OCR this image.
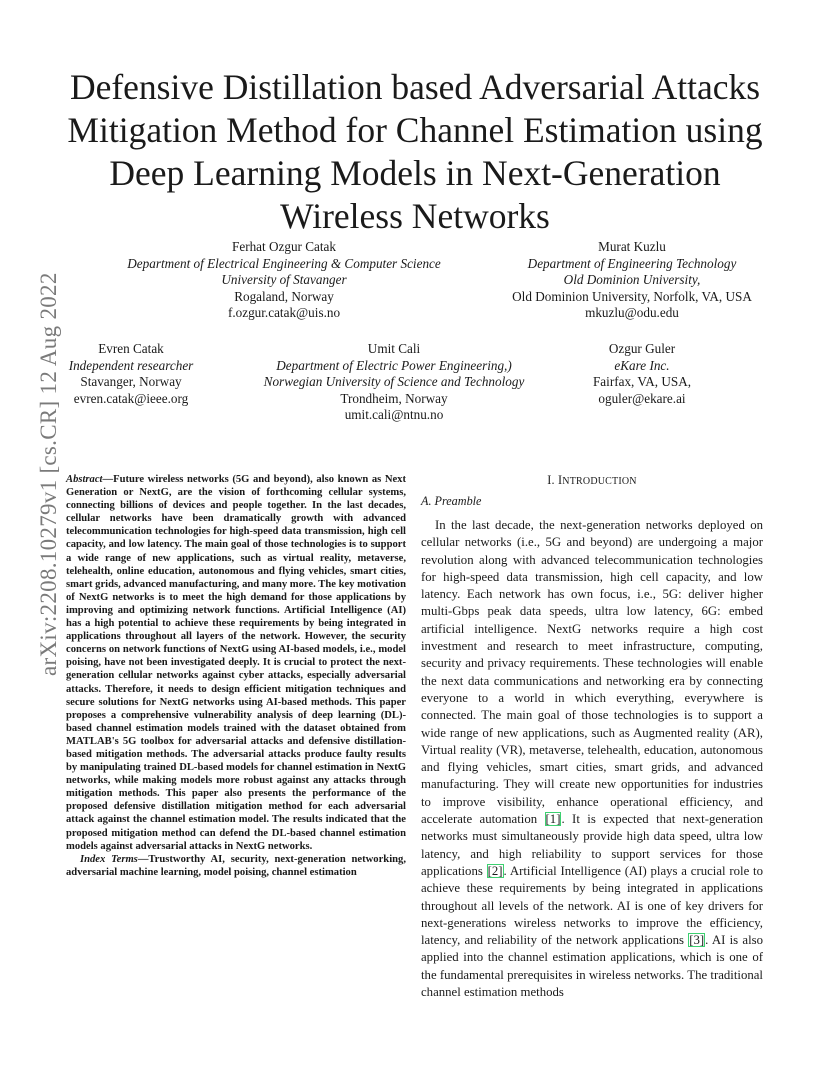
arXiv:2208.10279v1 [cs.CR] 12 Aug 2022
Defensive Distillation based Adversarial Attacks Mitigation Method for Channel Estimation using Deep Learning Models in Next-Generation Wireless Networks
Ferhat Ozgur Catak
Department of Electrical Engineering & Computer Science
University of Stavanger
Rogaland, Norway
f.ozgur.catak@uis.no
Murat Kuzlu
Department of Engineering Technology
Old Dominion University,
Old Dominion University, Norfolk, VA, USA
mkuzlu@odu.edu
Evren Catak
Independent researcher
Stavanger, Norway
evren.catak@ieee.org
Umit Cali
Department of Electric Power Engineering,)
Norwegian University of Science and Technology
Trondheim, Norway
umit.cali@ntnu.no
Ozgur Guler
eKare Inc.
Fairfax, VA, USA,
oguler@ekare.ai

Abstract—Future wireless networks (5G and beyond), also known as Next Generation or NextG, are the vision of forthcoming cellular systems, connecting billions of devices and people together. In the last decades, cellular networks have been dramatically growth with advanced telecommunication technologies for high-speed data transmission, high cell capacity, and low latency. The main goal of those technologies is to support a wide range of new applications, such as virtual reality, metaverse, telehealth, online education, autonomous and flying vehicles, smart cities, smart grids, advanced manufacturing, and many more. The key motivation of NextG networks is to meet the high demand for those applications by improving and optimizing network functions. Artificial Intelligence (AI) has a high potential to achieve these requirements by being integrated in applications throughout all layers of the network. However, the security concerns on network functions of NextG using AI-based models, i.e., model poising, have not been investigated deeply. It is crucial to protect the next-generation cellular networks against cyber attacks, especially adversarial attacks. Therefore, it needs to design efficient mitigation techniques and secure solutions for NextG networks using AI-based methods. This paper proposes a comprehensive vulnerability analysis of deep learning (DL)-based channel estimation models trained with the dataset obtained from MATLAB's 5G toolbox for adversarial attacks and defensive distillation-based mitigation methods. The adversarial attacks produce faulty results by manipulating trained DL-based models for channel estimation in NextG networks, while making models more robust against any attacks through mitigation methods. This paper also presents the performance of the proposed defensive distillation mitigation method for each adversarial attack against the channel estimation model. The results indicated that the proposed mitigation method can defend the DL-based channel estimation models against adversarial attacks in NextG networks.

Index Terms—Trustworthy AI, security, next-generation networking, adversarial machine learning, model poising, channel estimation

I. INTRODUCTION
A. Preamble

In the last decade, the next-generation networks deployed on cellular networks (i.e., 5G and beyond) are undergoing a major revolution along with advanced telecommunication technologies for high-speed data transmission, high cell capacity, and low latency. Each network has own focus, i.e., 5G: deliver higher multi-Gbps peak data speeds, ultra low latency, 6G: embed artificial intelligence. NextG networks require a high cost investment and research to meet infrastructure, computing, security and privacy requirements. These technologies will enable the next data communications and networking era by connecting everyone to a world in which everything, everywhere is connected. The main goal of those technologies is to support a wide range of new applications, such as Augmented reality (AR), Virtual reality (VR), metaverse, telehealth, education, autonomous and flying vehicles, smart cities, smart grids, and advanced manufacturing. They will create new opportunities for industries to improve visibility, enhance operational efficiency, and accelerate automation [1]. It is expected that next-generation networks must simultaneously provide high data speed, ultra low latency, and high reliability to support services for those applications [2]. Artificial Intelligence (AI) plays a crucial role to achieve these requirements by being integrated in applications throughout all levels of the network. AI is one of key drivers for next-generations wireless networks to improve the efficiency, latency, and reliability of the network applications [3]. AI is also applied into the channel estimation applications, which is one of the fundamental prerequisites in wireless networks. The traditional channel estimation methods
